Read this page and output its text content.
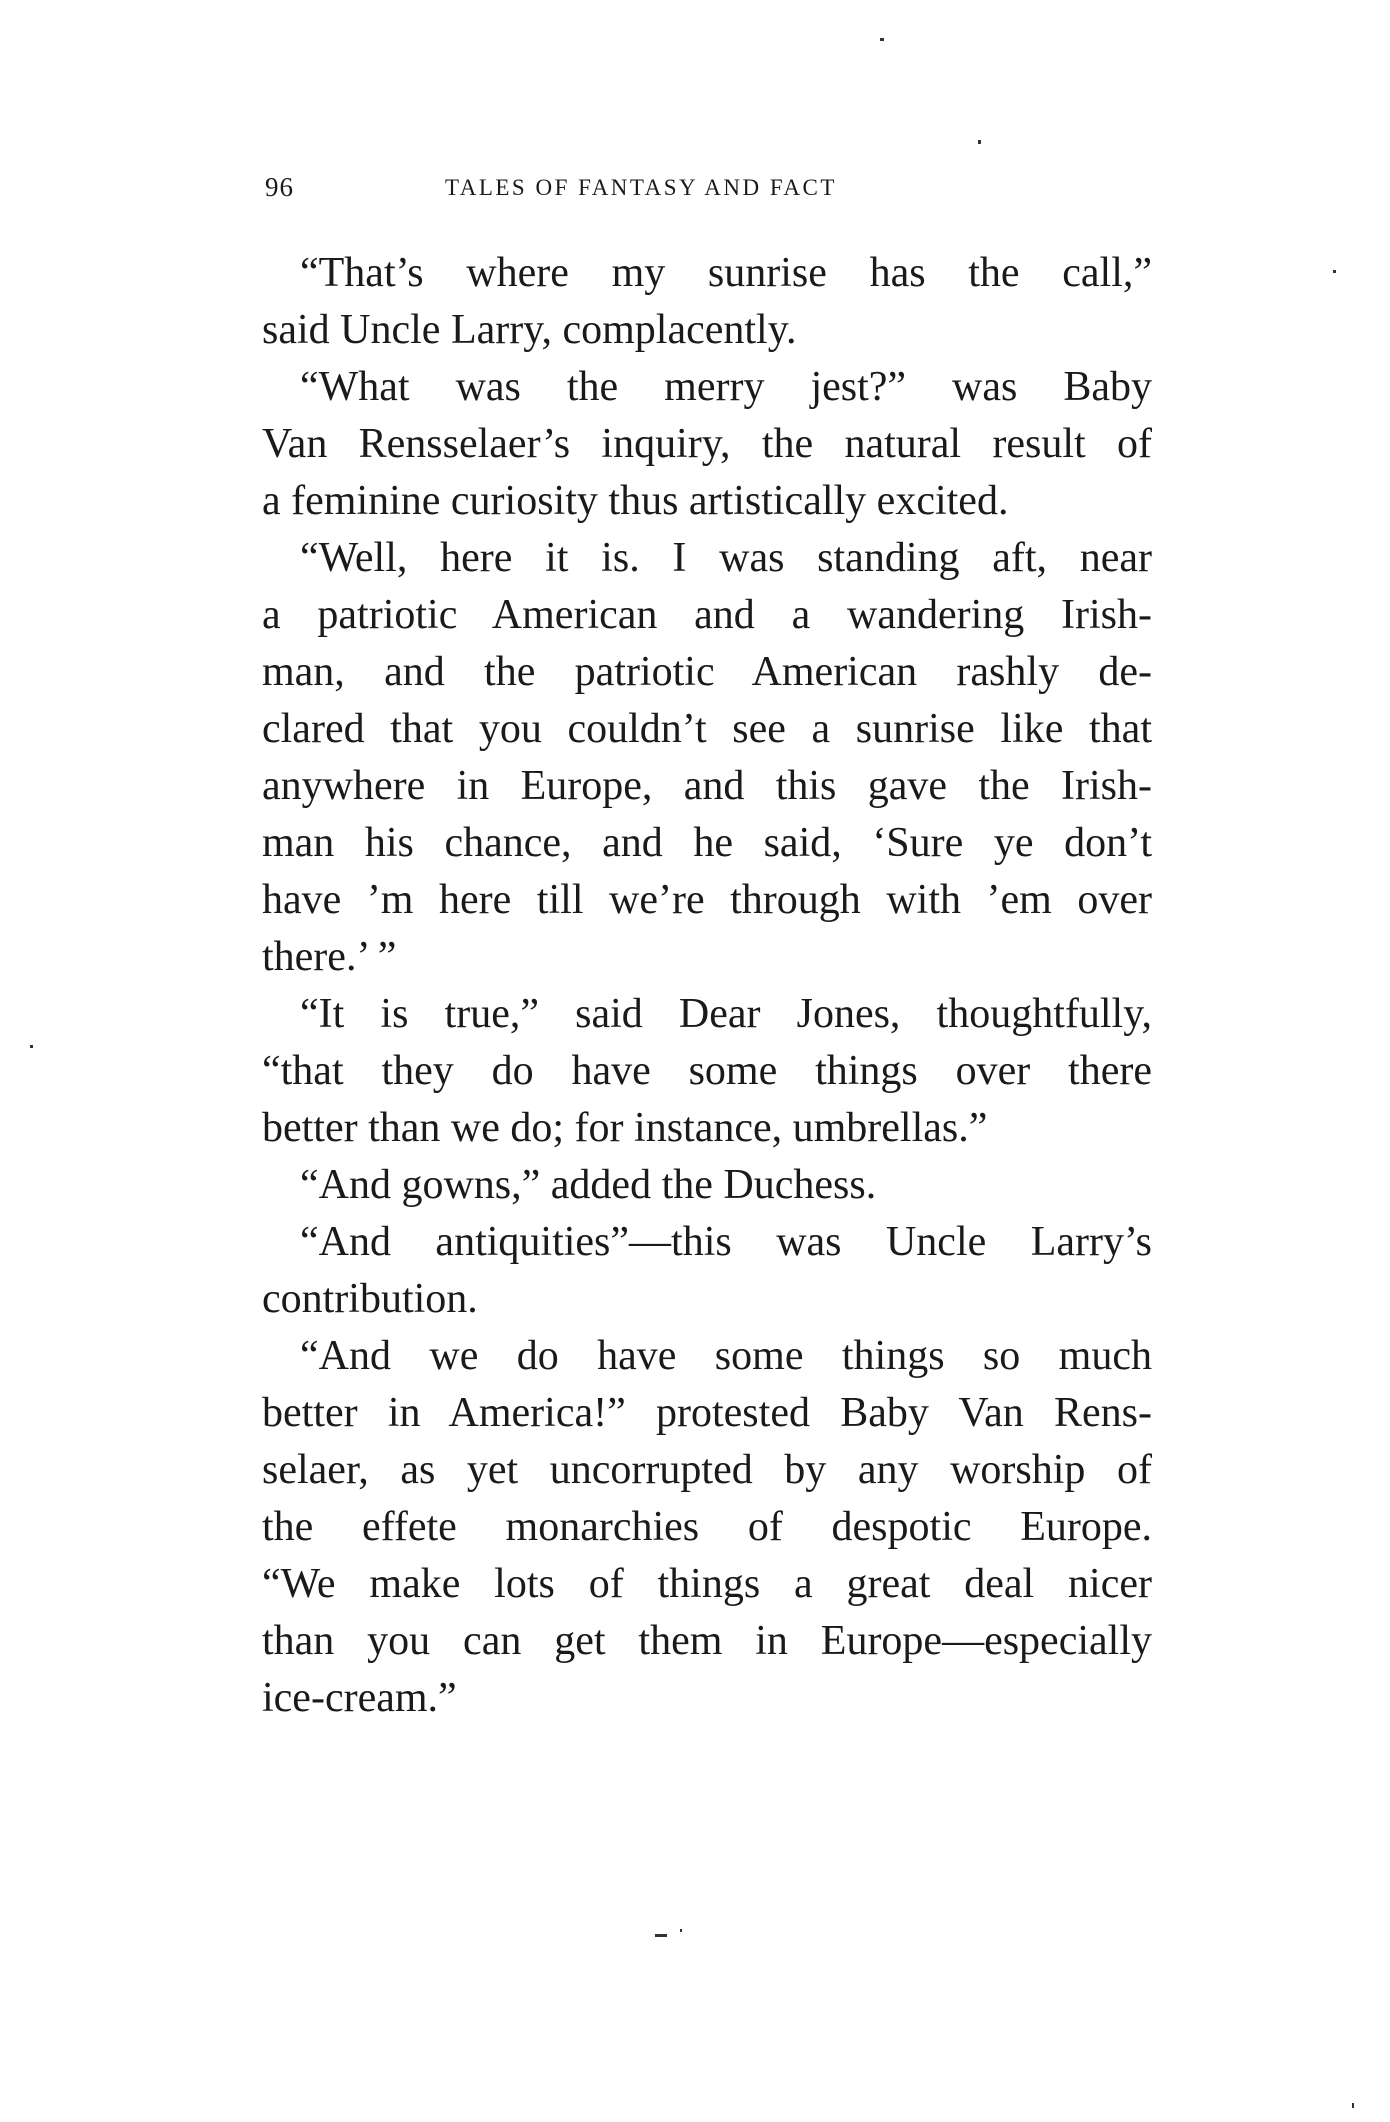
96	TALES OF FANTASY AND FACT
“That’s where my sunrise has the call,”
said Uncle Larry, complacently.
“What was the merry jest?” was Baby
Van Rensselaer’s inquiry, the natural result of
a feminine curiosity thus artistically excited.
“Well, here it is. I was standing aft, near
a patriotic American and a wandering Irish-
man, and the patriotic American rashly de-
clared that you couldn’t see a sunrise like that
anywhere in Europe, and this gave the Irish-
man his chance, and he said, ‘Sure ye don’t
have ’m here till we’re through with ’em over
there.’ ”
“It is true,” said Dear Jones, thoughtfully,
“that they do have some things over there
better than we do; for instance, umbrellas.”
“And gowns,” added the Duchess.
“And antiquities”—this was Uncle Larry’s
contribution.
“And we do have some things so much
better in America!” protested Baby Van Rens-
selaer, as yet uncorrupted by any worship of
the effete monarchies of despotic Europe.
“We make lots of things a great deal nicer
than you can get them in Europe—especially
ice-cream.”
